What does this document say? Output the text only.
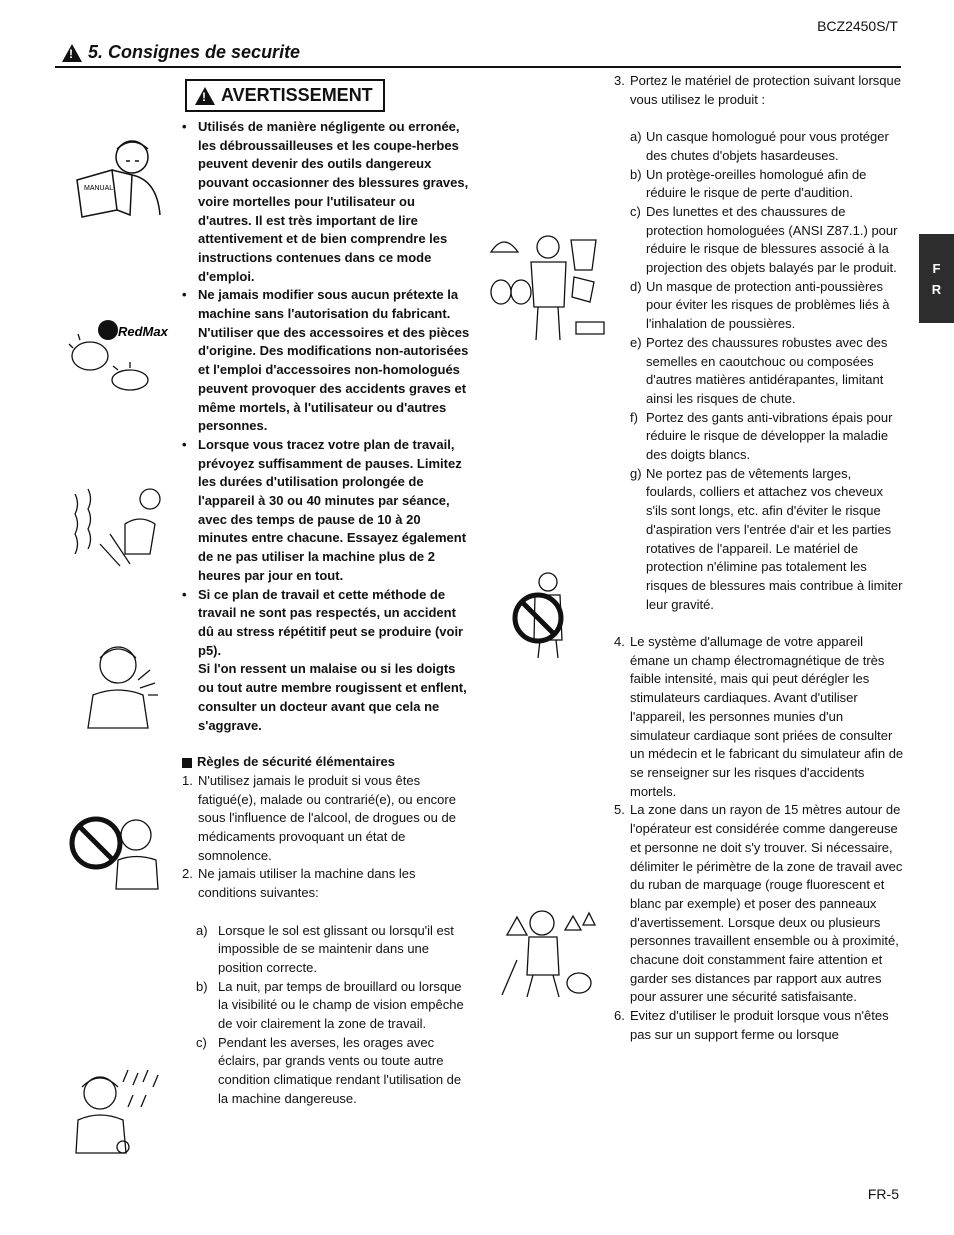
BCZ2450S/T
!
5. Consignes de securite
!
AVERTISSEMENT
MANUAL
RedMax
• Utilisés de manière négligente ou erronée, les débroussailleuses et les coupe-herbes peuvent devenir des outils dangereux pouvant occasionner des blessures graves, voire mortelles pour l'utilisateur ou d'autres. Il est très important de lire attentivement et de bien comprendre les instructions contenues dans ce mode d'emploi.
• Ne jamais modifier sous aucun prétexte la machine sans l'autorisation du fabricant. N'utiliser que des accessoires et des pièces d'origine. Des modifications non-autorisées et l'emploi d'accessoires non-homologués peuvent provoquer des accidents graves et même mortels, à l'utilisateur ou d'autres personnes.
• Lorsque vous tracez votre plan de travail, prévoyez suffisamment de pauses. Limitez les durées d'utilisation prolongée de l'appareil à 30 ou 40 minutes par séance, avec des temps de pause de 10 à 20 minutes entre chacune. Essayez également de ne pas utiliser la machine plus de 2 heures par jour en tout.
• Si ce plan de travail et cette méthode de travail ne sont pas respectés, un accident dû au stress répétitif peut se produire (voir p5).
Si l'on ressent un malaise ou si les doigts ou tout autre membre rougissent et enflent, consulter un docteur avant que cela ne s'aggrave.
Règles de sécurité élémentaires
1. N'utilisez jamais le produit si vous êtes fatigué(e), malade ou contrarié(e), ou encore sous l'influence de l'alcool, de drogues ou de médicaments provoquant un état de somnolence.
2. Ne jamais utiliser la machine dans les conditions suivantes:
a) Lorsque le sol est glissant ou lorsqu'il est impossible de se maintenir dans une position correcte.
b) La nuit, par temps de brouillard ou lorsque la visibilité ou le champ de vision empêche de voir clairement la zone de travail.
c) Pendant les averses, les orages avec éclairs, par grands vents ou toute autre condition climatique rendant l'utilisation de la machine dangereuse.
3. Portez le matériel de protection suivant lorsque vous utilisez le produit :
a) Un casque homologué pour vous protéger des chutes d'objets hasardeuses.
b) Un protège-oreilles homologué afin de réduire le risque de perte d'audition.
c) Des lunettes et des chaussures de protection homologuées (ANSI Z87.1.) pour réduire le risque de blessures associé à la projection des objets balayés par le produit.
d) Un masque de protection anti-poussières pour éviter les risques de problèmes liés à l'inhalation de poussières.
e) Portez des chaussures robustes avec des semelles en caoutchouc ou composées d'autres matières antidérapantes, limitant ainsi les risques de chute.
f) Portez des gants anti-vibrations épais pour réduire le risque de développer la maladie des doigts blancs.
g) Ne portez pas de vêtements larges, foulards, colliers et attachez vos cheveux s'ils sont longs, etc. afin d'éviter le risque d'aspiration vers l'entrée d'air et les parties rotatives de l'appareil. Le matériel de protection n'élimine pas totalement les risques de blessures mais contribue à limiter leur gravité.
4. Le système d'allumage de votre appareil émane un champ électromagnétique de très faible intensité, mais qui peut dérégler les stimulateurs cardiaques. Avant d'utiliser l'appareil, les personnes munies d'un simulateur cardiaque sont priées de consulter un médecin et le fabricant du simulateur afin de se renseigner sur les risques d'accidents mortels.
5. La zone dans un rayon de 15 mètres autour de l'opérateur est considérée comme dangereuse et personne ne doit s'y trouver. Si nécessaire, délimiter le périmètre de la zone de travail avec du ruban de marquage (rouge fluorescent et blanc par exemple) et poser des panneaux d'avertissement. Lorsque deux ou plusieurs personnes travaillent ensemble ou à proximité, chacune doit constamment faire attention et garder ses distances par rapport aux autres pour assurer une sécurité satisfaisante.
6. Evitez d'utiliser le produit lorsque vous n'êtes pas sur un support ferme ou lorsque
F
R
FR-5
